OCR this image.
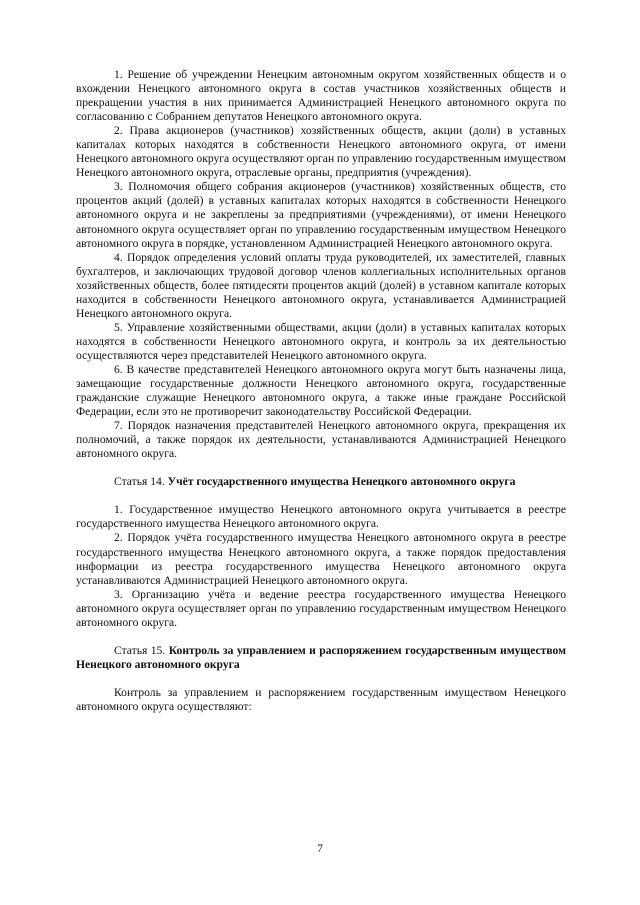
1. Решение об учреждении Ненецким автономным округом хозяйственных обществ и о вхождении Ненецкого автономного округа в состав участников хозяйственных обществ и прекращении участия в них принимается Администрацией Ненецкого автономного округа по согласованию с Собранием депутатов Ненецкого автономного округа.

2. Права акционеров (участников) хозяйственных обществ, акции (доли) в уставных капиталах которых находятся в собственности Ненецкого автономного округа, от имени Ненецкого автономного округа осуществляют орган по управлению государственным имуществом Ненецкого автономного округа, отраслевые органы, предприятия (учреждения).

3. Полномочия общего собрания акционеров (участников) хозяйственных обществ, сто процентов акций (долей) в уставных капиталах которых находятся в собственности Ненецкого автономного округа и не закреплены за предприятиями (учреждениями), от имени Ненецкого автономного округа осуществляет орган по управлению государственным имуществом Ненецкого автономного округа в порядке, установленном Администрацией Ненецкого автономного округа.

4. Порядок определения условий оплаты труда руководителей, их заместителей, главных бухгалтеров, и заключающих трудовой договор членов коллегиальных исполнительных органов хозяйственных обществ, более пятидесяти процентов акций (долей) в уставном капитале которых находится в собственности Ненецкого автономного округа, устанавливается Администрацией Ненецкого автономного округа.

5. Управление хозяйственными обществами, акции (доли) в уставных капиталах которых находятся в собственности Ненецкого автономного округа, и контроль за их деятельностью осуществляются через представителей Ненецкого автономного округа.

6. В качестве представителей Ненецкого автономного округа могут быть назначены лица, замещающие государственные должности Ненецкого автономного округа, государственные гражданские служащие Ненецкого автономного округа, а также иные граждане Российской Федерации, если это не противоречит законодательству Российской Федерации.

7. Порядок назначения представителей Ненецкого автономного округа, прекращения их полномочий, а также порядок их деятельности, устанавливаются Администрацией Ненецкого автономного округа.

Статья 14. Учёт государственного имущества Ненецкого автономного округа

1. Государственное имущество Ненецкого автономного округа учитывается в реестре государственного имущества Ненецкого автономного округа.

2. Порядок учёта государственного имущества Ненецкого автономного округа в реестре государственного имущества Ненецкого автономного округа, а также порядок предоставления информации из реестра государственного имущества Ненецкого автономного округа устанавливаются Администрацией Ненецкого автономного округа.

3. Организацию учёта и ведение реестра государственного имущества Ненецкого автономного округа осуществляет орган по управлению государственным имуществом Ненецкого автономного округа.

Статья 15. Контроль за управлением и распоряжением государственным имуществом Ненецкого автономного округа

Контроль за управлением и распоряжением государственным имуществом Ненецкого автономного округа осуществляют:

7
